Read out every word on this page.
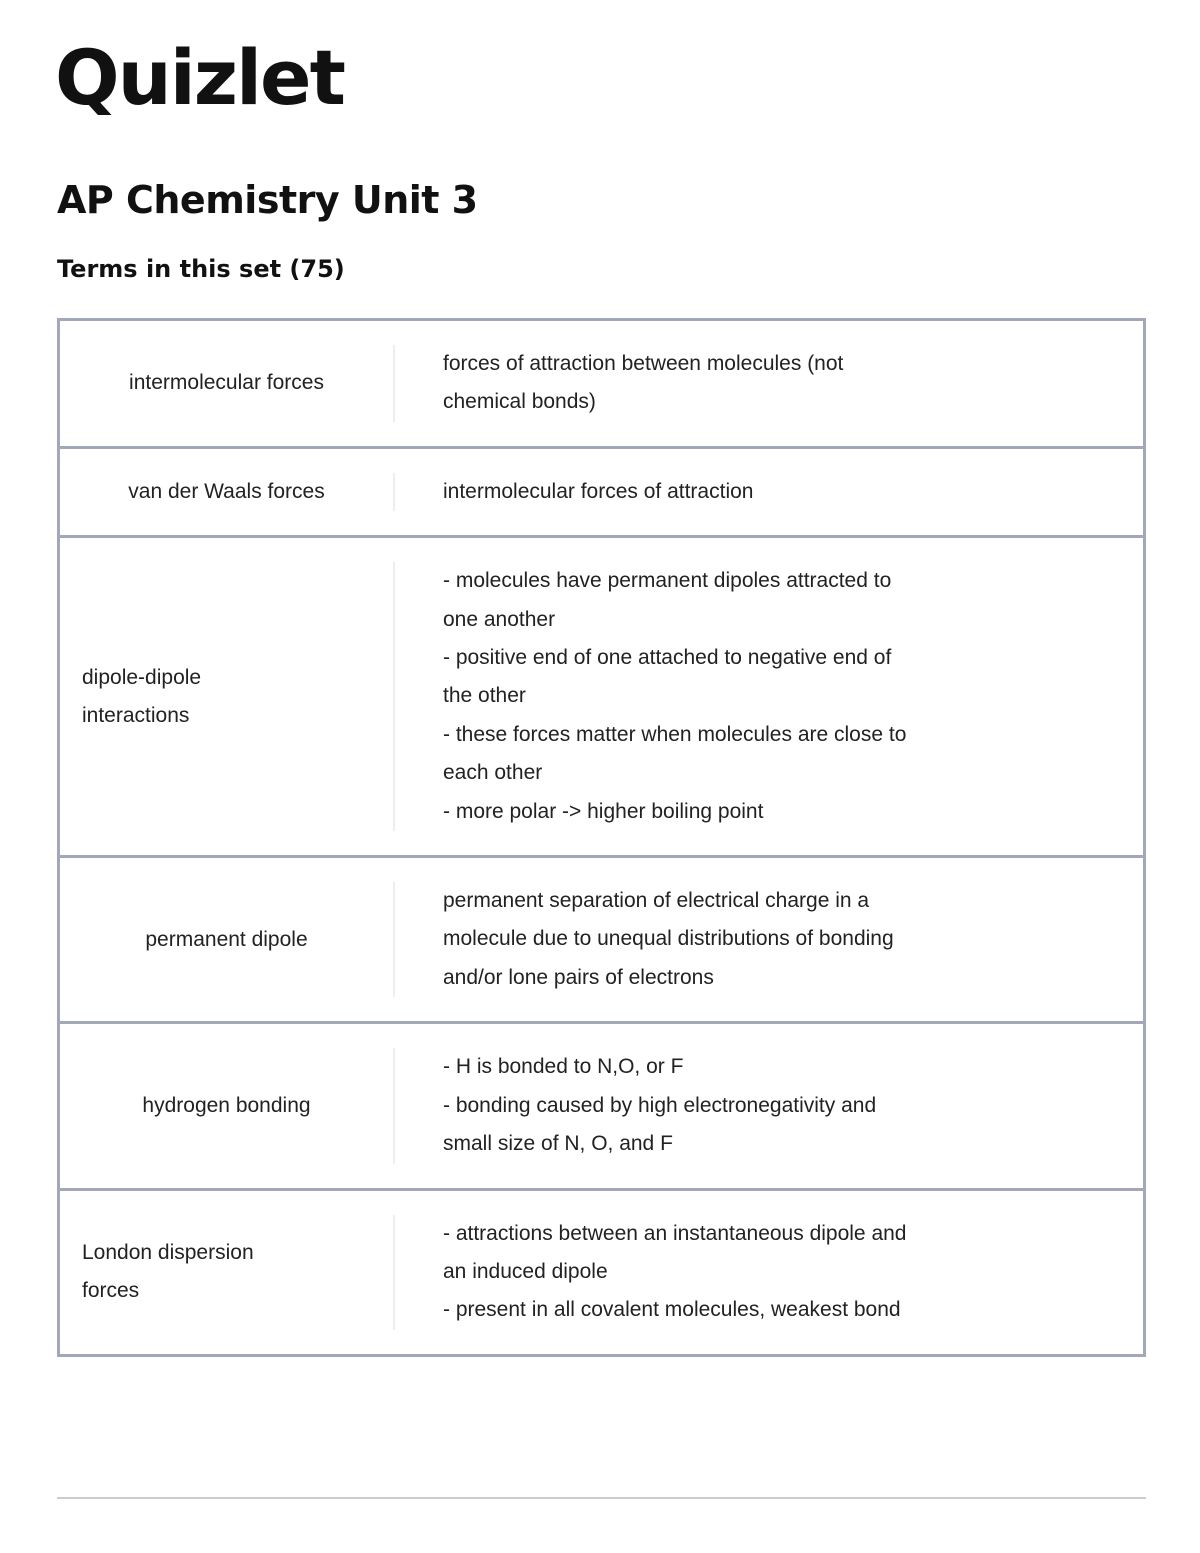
Quizlet
AP Chemistry Unit 3
Terms in this set (75)
intermolecular forces
forces of attraction between molecules (not
chemical bonds)
van der Waals forces	intermolecular forces of attraction
dipole-dipole interactions
- molecules have permanent dipoles attracted to
one another
- positive end of one attached to negative end of
the other
- these forces matter when molecules are close to
each other
- more polar -> higher boiling point
permanent dipole
permanent separation of electrical charge in a
molecule due to unequal distributions of bonding
and/or lone pairs of electrons
hydrogen bonding
- H is bonded to N,O, or F
- bonding caused by high electronegativity and
small size of N, O, and F
London dispersion forces
- attractions between an instantaneous dipole and
an induced dipole
- present in all covalent molecules, weakest bond
